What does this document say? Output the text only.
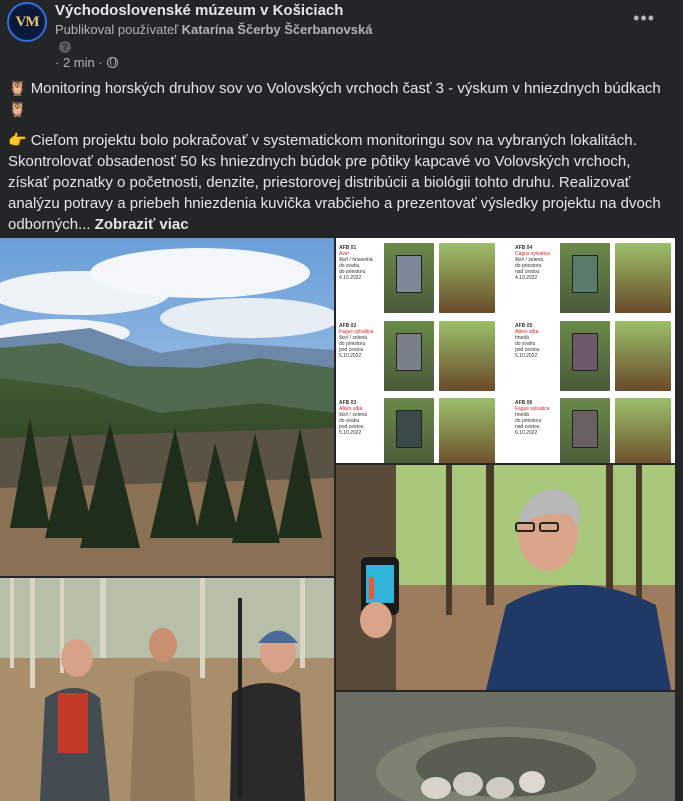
VM
Východoslovenské múzeum v Košiciach
Publikoval používateľ Katarína Ščerby Ščerbanovská
?
· 2 min ·
•••

🦉 Monitoring horských druhov sov vo Volovských vrchoch časť 3 - výskum v hniezdnych búdkach
🦉

👉 Cieľom projektu bolo pokračovať v systematickom monitoringu sov na vybraných lokalitách. Skontrolovať obsadenosť 50 ks hniezdnych búdok pre pôtiky kapcavé vo Volovských vrchoch, získať poznatky o početnosti, denzite, priestorovej distribúcii a biológii tohto druhu. Realizovať analýzu potravy a priebeh hniezdenia kuvička vrabčieho a prezentovať výsledky projektu na dvoch odborných... Zobraziť viac

AFB 01
Aver
škvŕ / hnavelná
do svahu
do priestoru
4.10.2022
AFB 04
Cagus sylvatica
škvŕ / zelená
do priestoru
nad cestou
4.10.2022
AFB 02
Fagus sylvatica
škvŕ / zelená
do priestoru
pod cestou
5.10.2022
AFB 05
Abies alba
hnedá
do svahu
pod cestou
5.10.2022
AFB 03
Abies alba
škvŕ / zelená
do svahu
pod cestou
5.10.2022
AFB 06
Fagus sylvatica
hnedá
do priestoru
nad cestou
6.10.2022
